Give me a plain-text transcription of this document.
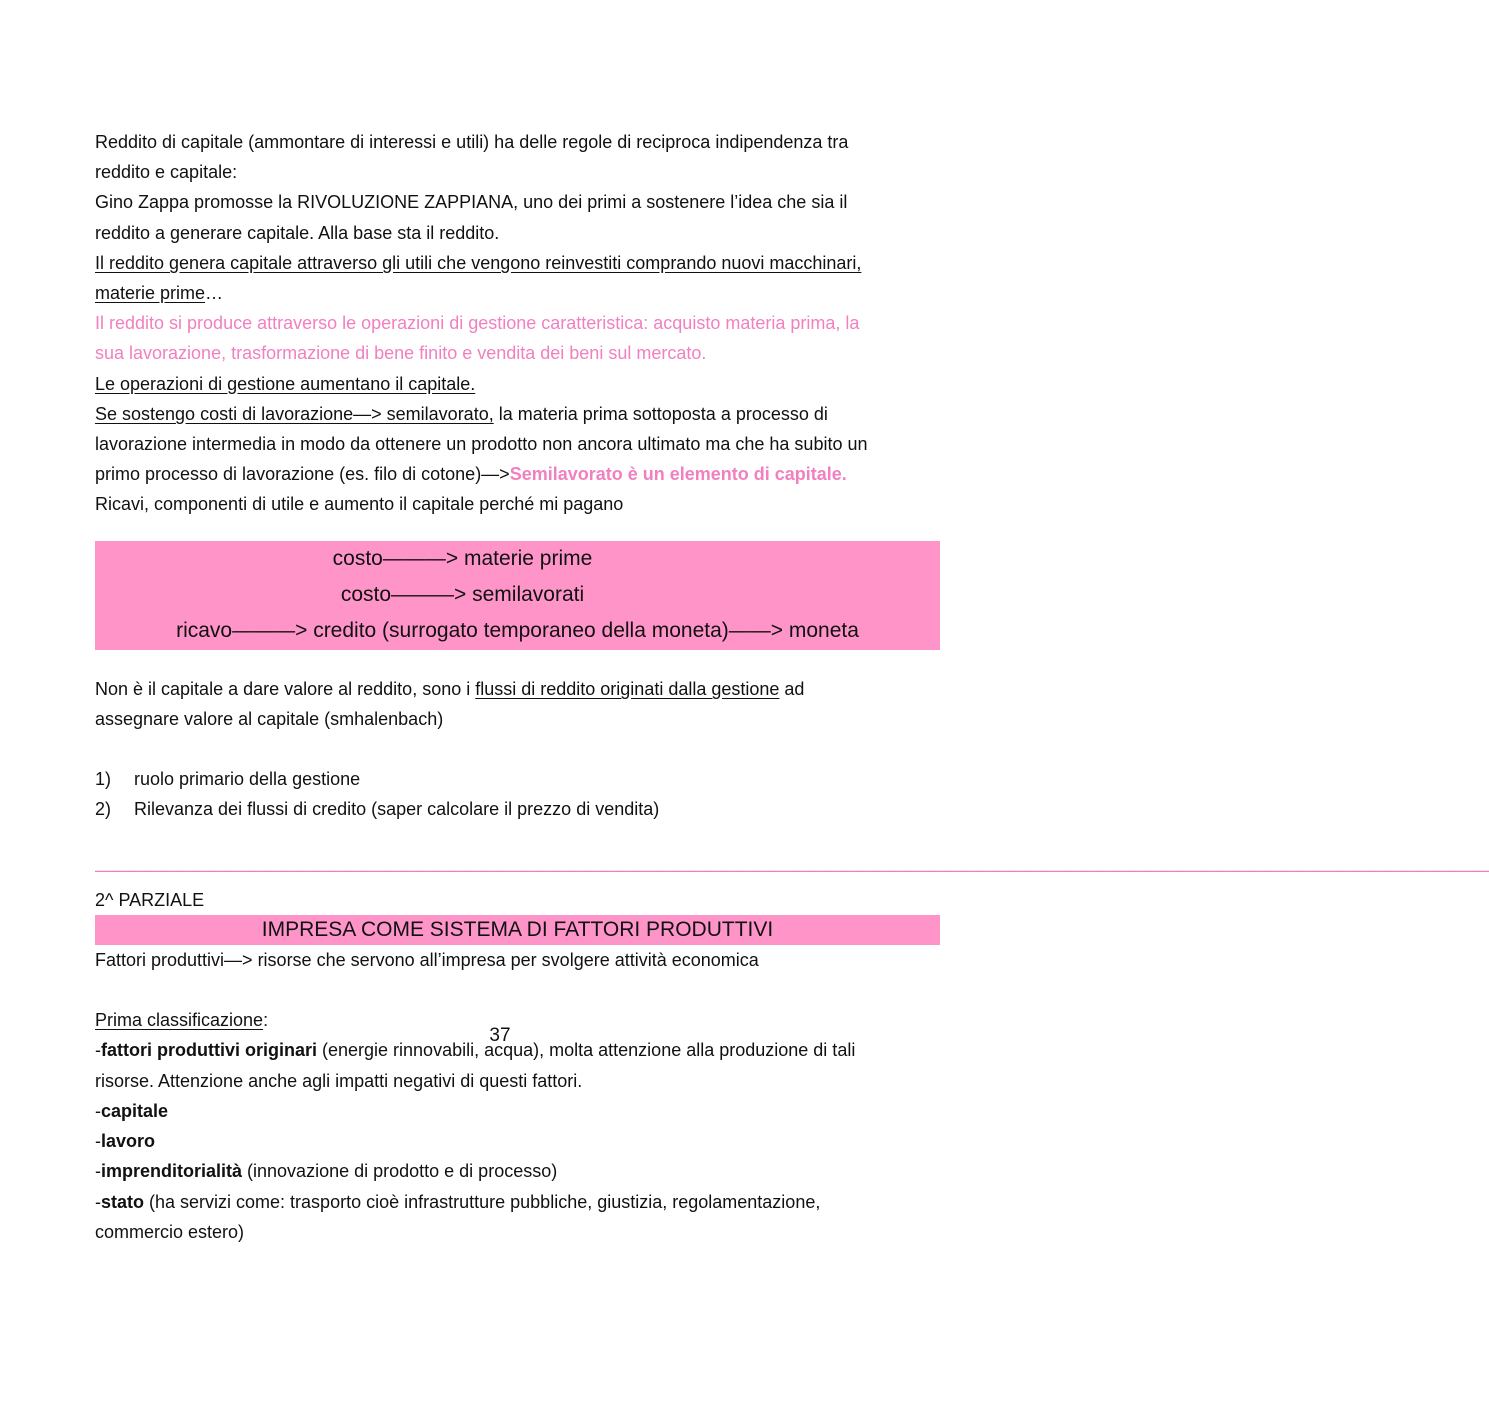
Reddito di capitale (ammontare di interessi e utili) ha delle regole di reciproca indipendenza tra
reddito e capitale:
Gino Zappa promosse la RIVOLUZIONE ZAPPIANA, uno dei primi a sostenere l’idea che sia il
reddito a generare capitale. Alla base sta il reddito.
Il reddito genera capitale attraverso gli utili che vengono reinvestiti comprando nuovi macchinari,
materie prime…
Il reddito si produce attraverso le operazioni di gestione caratteristica: acquisto materia prima, la
sua lavorazione, trasformazione di bene finito e vendita dei beni sul mercato.
Le operazioni di gestione aumentano il capitale.
Se sostengo costi di lavorazione—> semilavorato, la materia prima sottoposta a processo di
lavorazione intermedia in modo da ottenere un prodotto non ancora ultimato ma che ha subito un
primo processo di lavorazione (es. filo di cotone)—>Semilavorato è un elemento di capitale.
Ricavi, componenti di utile e aumento il capitale perché mi pagano
costo———> materie prime
costo———> semilavorati
ricavo———> credito (surrogato temporaneo della moneta)——> moneta
Non è il capitale a dare valore al reddito, sono i flussi di reddito originati dalla gestione ad
assegnare valore al capitale (smhalenbach)
1) ruolo primario della gestione
2) Rilevanza dei flussi di credito (saper calcolare il prezzo di vendita)
——————————————————————————————————————————————————————————————————————————————————
2^ PARZIALE
IMPRESA COME SISTEMA DI FATTORI PRODUTTIVI
Fattori produttivi—> risorse che servono all’impresa per svolgere attività economica
Prima classificazione:
-fattori produttivi originari (energie rinnovabili, acqua), molta attenzione alla produzione di tali
risorse. Attenzione anche agli impatti negativi di questi fattori.
-capitale
-lavoro
-imprenditorialità (innovazione di prodotto e di processo)
-stato (ha servizi come: trasporto cioè infrastrutture pubbliche, giustizia, regolamentazione,
commercio estero)
37
